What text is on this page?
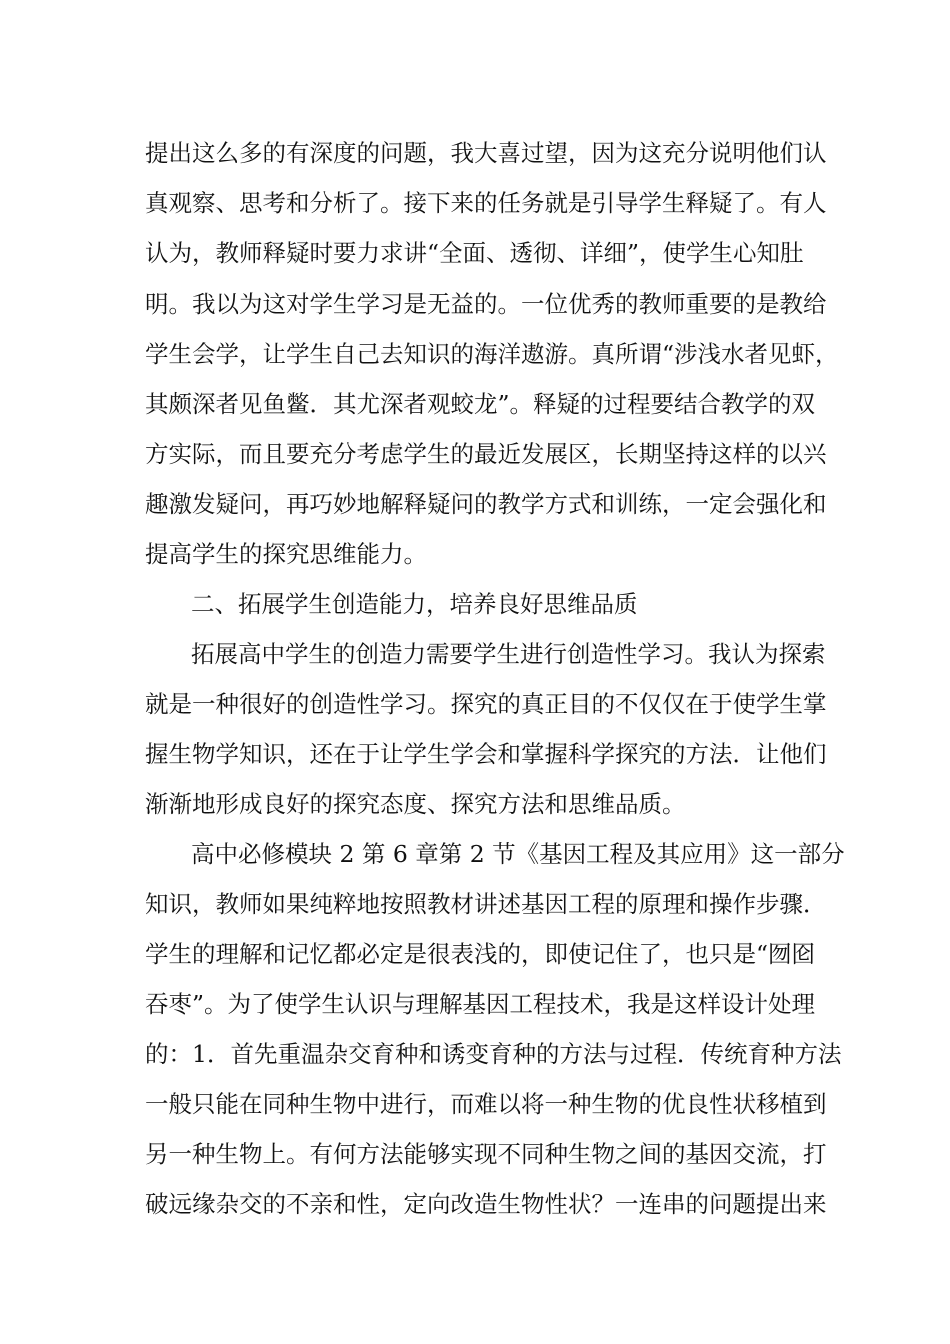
提出这么多的有深度的问题，我大喜过望，因为这充分说明他们认
真观察、思考和分析了。接下来的任务就是引导学生释疑了。有人
认为，教师释疑时要力求讲“全面、透彻、详细”，使学生心知肚
明。我以为这对学生学习是无益的。一位优秀的教师重要的是教给
学生会学，让学生自己去知识的海洋遨游。真所谓“涉浅水者见虾，
其颇深者见鱼鳖．其尤深者观蛟龙”。释疑的过程要结合教学的双
方实际，而且要充分考虑学生的最近发展区，长期坚持这样的以兴
趣激发疑问，再巧妙地解释疑问的教学方式和训练，一定会强化和
提高学生的探究思维能力。
二、拓展学生创造能力，培养良好思维品质
拓展高中学生的创造力需要学生进行创造性学习。我认为探索
就是一种很好的创造性学习。探究的真正目的不仅仅在于使学生掌
握生物学知识，还在于让学生学会和掌握科学探究的方法．让他们
渐渐地形成良好的探究态度、探究方法和思维品质。
高中必修模块 2 第 6 章第 2 节《基因工程及其应用》这一部分
知识，教师如果纯粹地按照教材讲述基因工程的原理和操作步骤．
学生的理解和记忆都必定是很表浅的，即使记住了，也只是“囫囵
吞枣”。为了使学生认识与理解基因工程技术，我是这样设计处理
的：1．首先重温杂交育种和诱变育种的方法与过程．传统育种方法
一般只能在同种生物中进行，而难以将一种生物的优良性状移植到
另一种生物上。有何方法能够实现不同种生物之间的基因交流，打
破远缘杂交的不亲和性，定向改造生物性状？一连串的问题提出来
